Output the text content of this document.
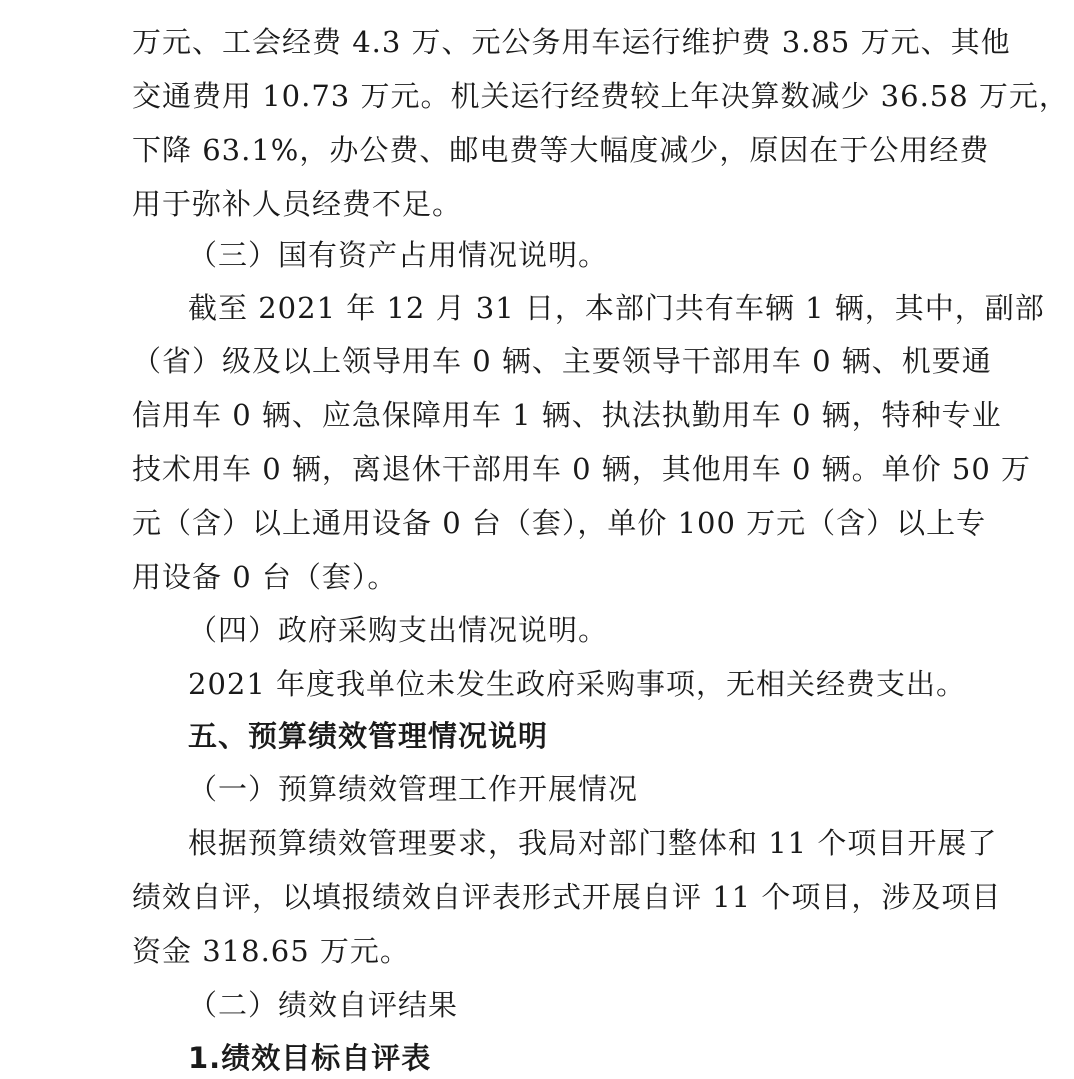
万元、工会经费 4.3 万、元公务用车运行维护费 3.85 万元、其他
交通费用 10.73 万元。机关运行经费较上年决算数减少 36.58 万元，
下降 63.1%，办公费、邮电费等大幅度减少，原因在于公用经费
用于弥补人员经费不足。
（三）国有资产占用情况说明。
截至 2021 年 12 月 31 日，本部门共有车辆 1 辆，其中，副部
（省）级及以上领导用车 0 辆、主要领导干部用车 0 辆、机要通
信用车 0 辆、应急保障用车 1 辆、执法执勤用车 0 辆，特种专业
技术用车 0 辆，离退休干部用车 0 辆，其他用车 0 辆。单价 50 万
元（含）以上通用设备 0 台（套），单价 100 万元（含）以上专
用设备 0 台（套）。
（四）政府采购支出情况说明。
2021 年度我单位未发生政府采购事项，无相关经费支出。
五、预算绩效管理情况说明
（一）预算绩效管理工作开展情况
根据预算绩效管理要求，我局对部门整体和 11 个项目开展了
绩效自评，以填报绩效自评表形式开展自评 11 个项目，涉及项目
资金 318.65 万元。
（二）绩效自评结果
1.绩效目标自评表
